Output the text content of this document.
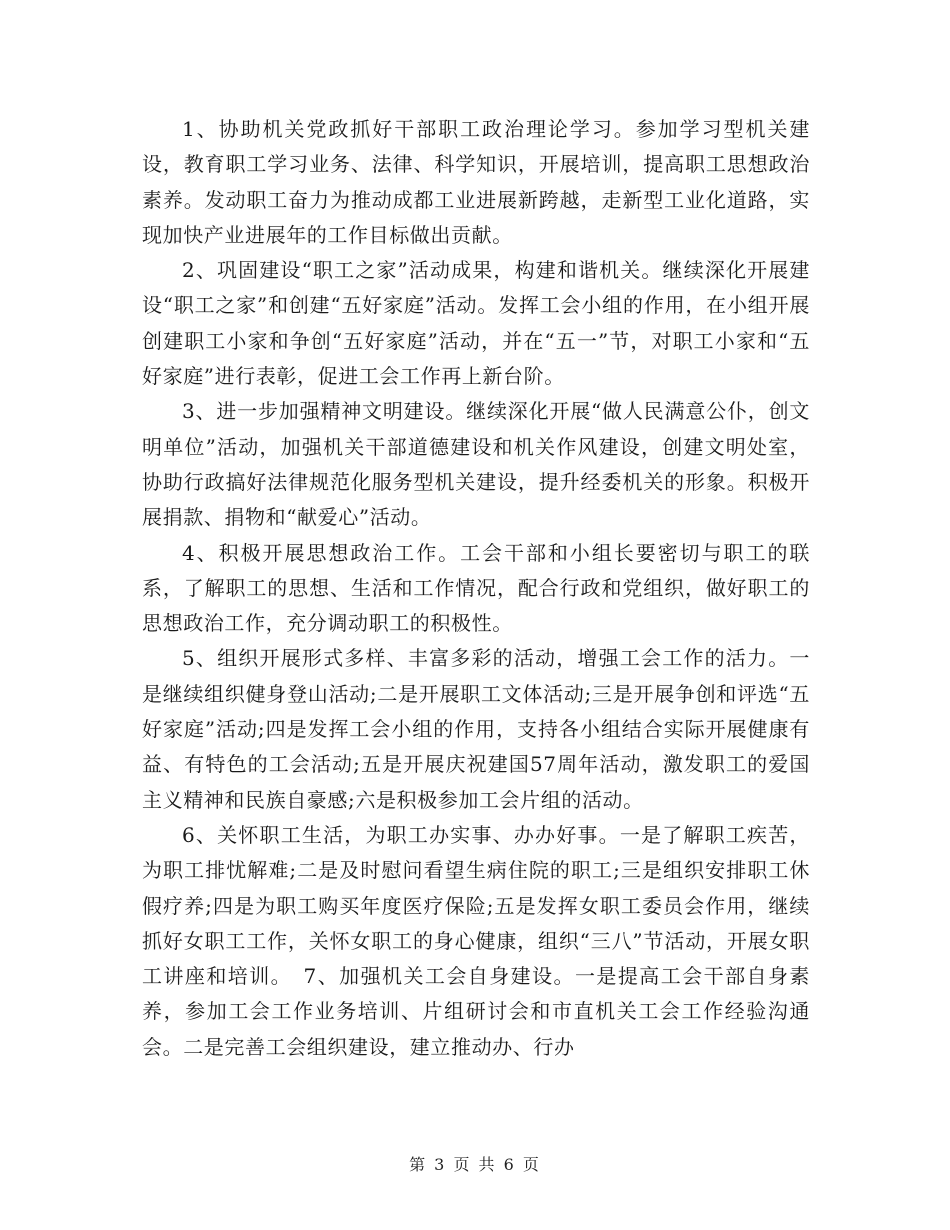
1、协助机关党政抓好干部职工政治理论学习。参加学习型机关建设，教育职工学习业务、法律、科学知识，开展培训，提高职工思想政治素养。发动职工奋力为推动成都工业进展新跨越，走新型工业化道路，实现加快产业进展年的工作目标做出贡献。

2、巩固建设“职工之家”活动成果，构建和谐机关。继续深化开展建设“职工之家”和创建“五好家庭”活动。发挥工会小组的作用，在小组开展创建职工小家和争创“五好家庭”活动，并在“五一”节，对职工小家和“五好家庭”进行表彰，促进工会工作再上新台阶。

3、进一步加强精神文明建设。继续深化开展“做人民满意公仆，创文明单位”活动，加强机关干部道德建设和机关作风建设，创建文明处室，协助行政搞好法律规范化服务型机关建设，提升经委机关的形象。积极开展捐款、捐物和“献爱心”活动。

4、积极开展思想政治工作。工会干部和小组长要密切与职工的联系，了解职工的思想、生活和工作情况，配合行政和党组织，做好职工的思想政治工作，充分调动职工的积极性。

5、组织开展形式多样、丰富多彩的活动，增强工会工作的活力。一是继续组织健身登山活动;二是开展职工文体活动;三是开展争创和评选“五好家庭”活动;四是发挥工会小组的作用，支持各小组结合实际开展健康有益、有特色的工会活动;五是开展庆祝建国57周年活动，激发职工的爱国主义精神和民族自豪感;六是积极参加工会片组的活动。

6、关怀职工生活，为职工办实事、办办好事。一是了解职工疾苦，为职工排忧解难;二是及时慰问看望生病住院的职工;三是组织安排职工休假疗养;四是为职工购买年度医疗保险;五是发挥女职工委员会作用，继续抓好女职工工作，关怀女职工的身心健康，组织“三八”节活动，开展女职工讲座和培训。　7、加强机关工会自身建设。一是提高工会干部自身素养，参加工会工作业务培训、片组研讨会和市直机关工会工作经验沟通会。二是完善工会组织建设，建立推动办、行办

第 3 页 共 6 页
